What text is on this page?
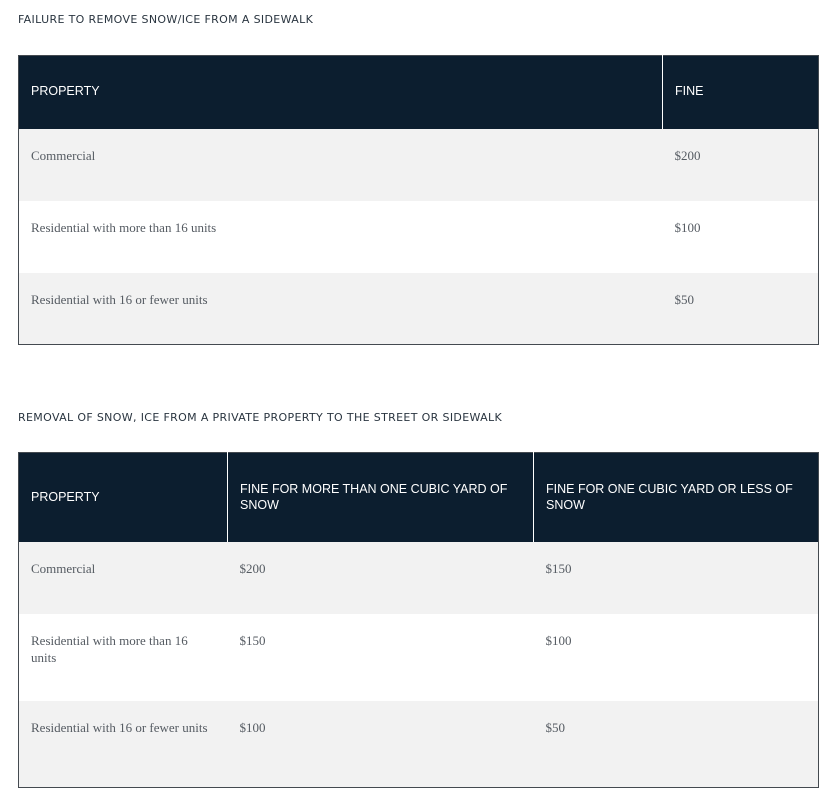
FAILURE TO REMOVE SNOW/ICE FROM A SIDEWALK
PROPERTY	FINE
Commercial	$200
Residential with more than 16 units	$100
Residential with 16 or fewer units	$50
REMOVAL OF SNOW, ICE FROM A PRIVATE PROPERTY TO THE STREET OR SIDEWALK
PROPERTY	FINE FOR MORE THAN ONE CUBIC YARD OF SNOW	FINE FOR ONE CUBIC YARD OR LESS OF SNOW
Commercial	$200	$150
Residential with more than 16 units	$150	$100
Residential with 16 or fewer units	$100	$50
